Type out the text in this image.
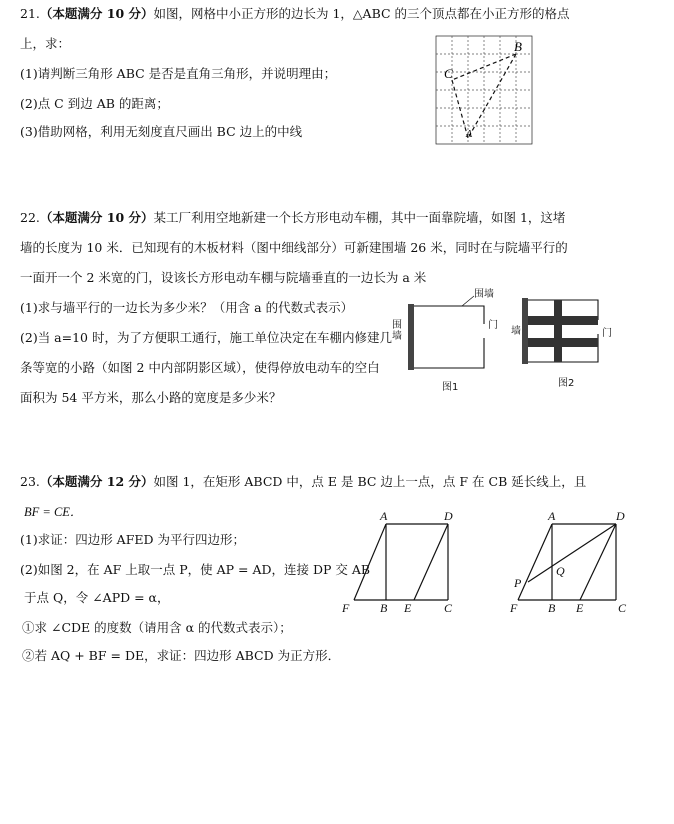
21.（本题满分 10 分）如图，网格中小正方形的边长为 1，△ABC 的三个顶点都在小正方形的格点
上，求：
(1)请判断三角形 ABC 是否是直角三角形，并说明理由；
(2)点 C 到边 AB 的距离；
(3)借助网格，利用无刻度直尺画出 BC 边上的中线
B
C
A
22.（本题满分 10 分）某工厂利用空地新建一个长方形电动车棚，其中一面靠院墙，如图 1，这堵
墙的长度为 10 米．已知现有的木板材料（图中细线部分）可新建围墙 26 米，同时在与院墙平行的
一面开一个 2 米宽的门，设该长方形电动车棚与院墙垂直的一边长为 a 米
(1)求与墙平行的一边长为多少米？（用含 a 的代数式表示）
(2)当 a=10 时，为了方便职工通行，施工单位决定在车棚内修建几
条等宽的小路（如图 2 中内部阴影区域），使得停放电动车的空白
面积为 54 平方米，那么小路的宽度是多少米？
围墙
围墙
门
图1
墙	门
图2
23.（本题满分 12 分）如图 1，在矩形 ABCD 中，点 E 是 BC 边上一点，点 F 在 CB 延长线上，且
BF = CE．
(1)求证：四边形 AFED 为平行四边形；
(2)如图 2，在 AF 上取一点 P，使 AP = AD，连接 DP 交 AB
于点 Q，令 ∠APD = α，
①求 ∠CDE 的度数（请用含 α 的代数式表示）；
②若 AQ + BF = DE，求证：四边形 ABCD 为正方形．
A	D
F	B E	C
A	D
Q
P
F	B E	C
